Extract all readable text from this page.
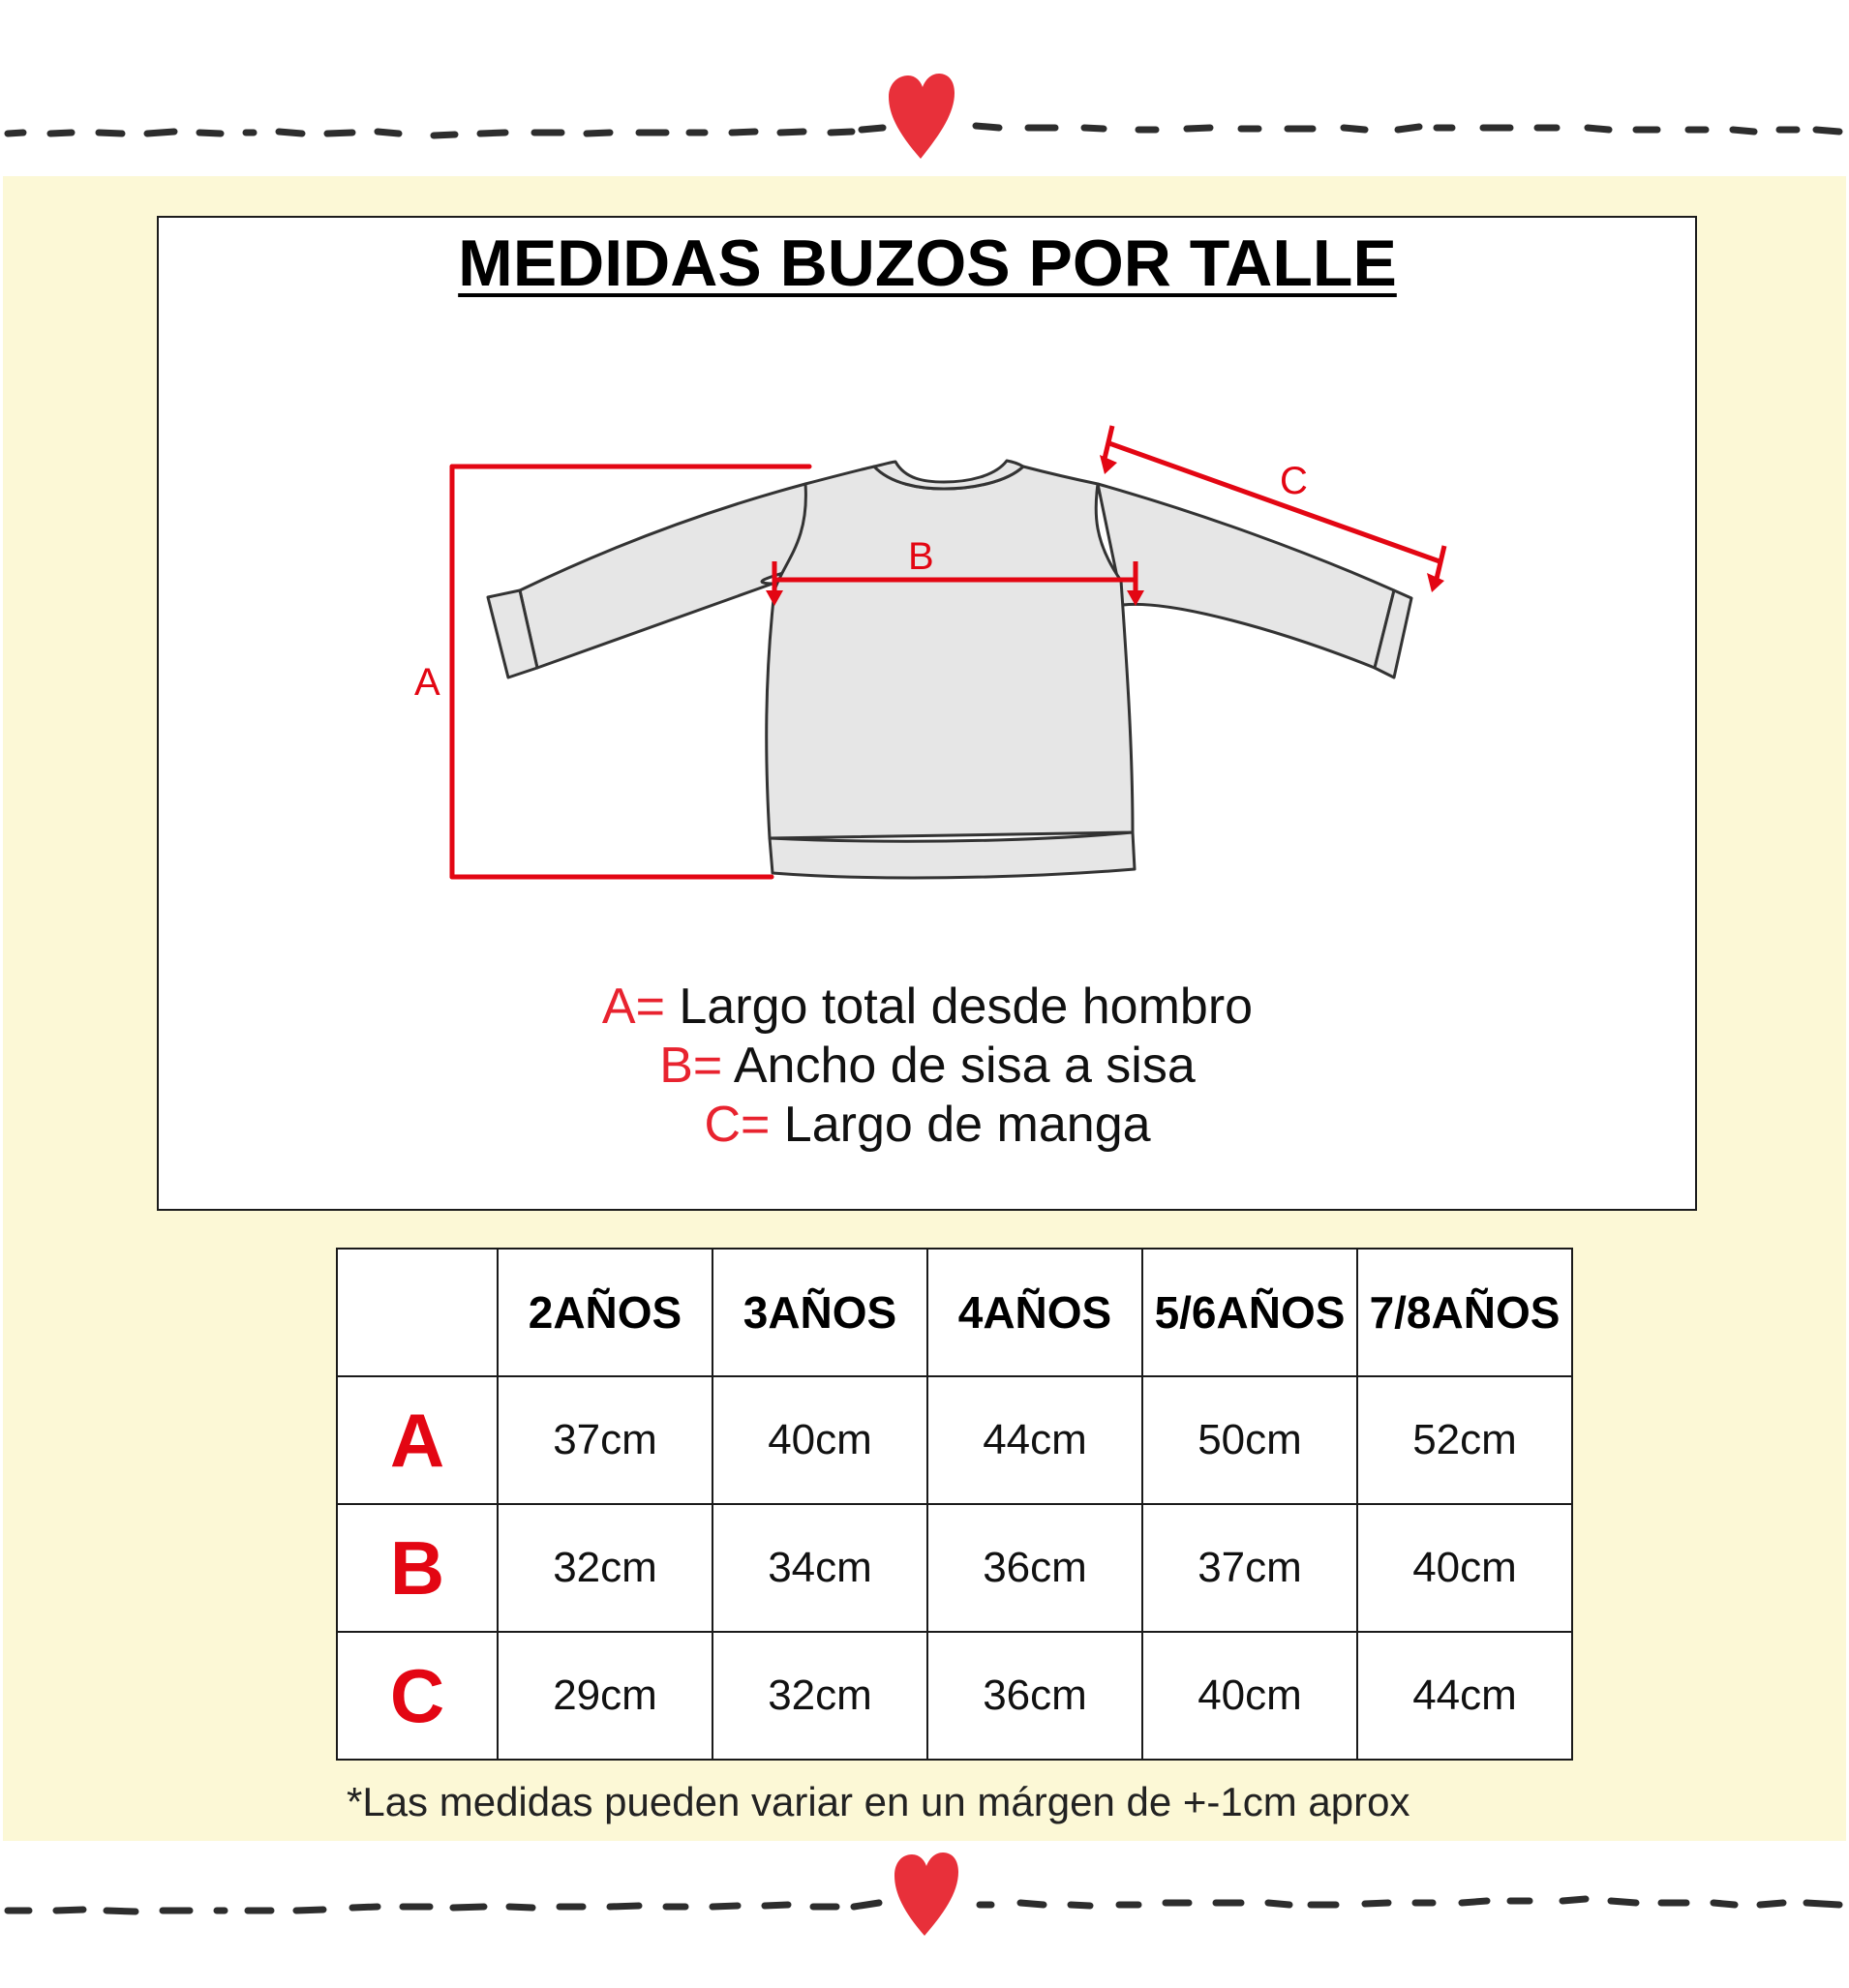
MEDIDAS BUZOS POR TALLE
A
B
C
A= Largo total desde hombro
B= Ancho de sisa a sisa
C= Largo de manga
	2AÑOS	3AÑOS	4AÑOS	5/6AÑOS	7/8AÑOS
A	37cm	40cm	44cm	50cm	52cm
B	32cm	34cm	36cm	37cm	40cm
C	29cm	32cm	36cm	40cm	44cm
*Las medidas pueden variar en un márgen de +-1cm aprox
